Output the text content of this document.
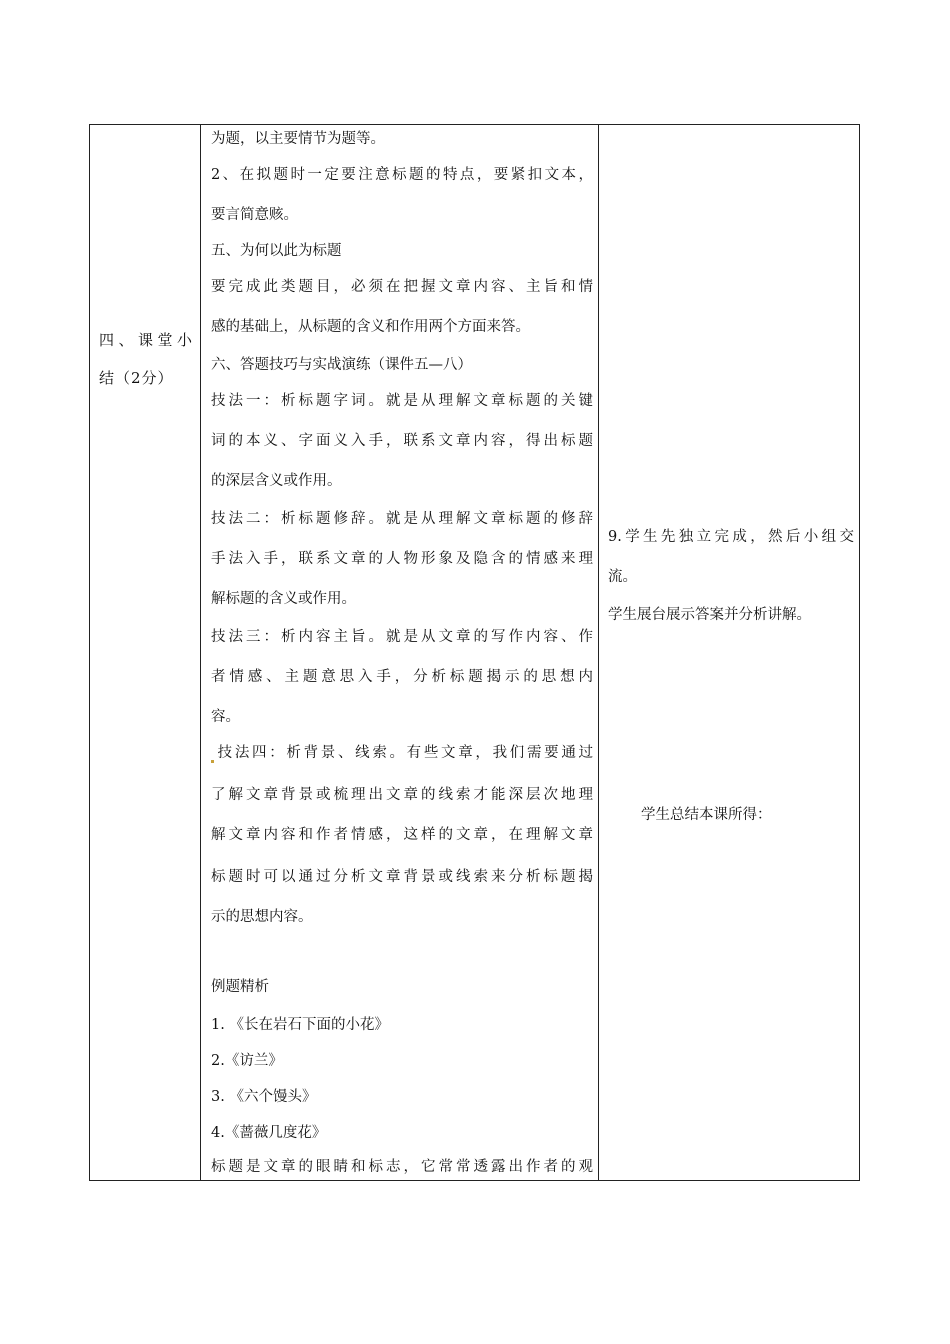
四、课堂小
结（2分）
为题，以主要情节为题等。
2、在拟题时一定要注意标题的特点，要紧扣文本，
要言简意赅。
五、为何以此为标题
要完成此类题目，必须在把握文章内容、主旨和情
感的基础上，从标题的含义和作用两个方面来答。
六、答题技巧与实战演练（课件五—八）
技法一：析标题字词。就是从理解文章标题的关键
词的本义、字面义入手，联系文章内容，得出标题
的深层含义或作用。
技法二：析标题修辞。就是从理解文章标题的修辞
手法入手，联系文章的人物形象及隐含的情感来理
解标题的含义或作用。
技法三：析内容主旨。就是从文章的写作内容、作
者情感、主题意思入手，分析标题揭示的思想内
容。
技法四：析背景、线索。有些文章，我们需要通过
了解文章背景或梳理出文章的线索才能深层次地理
解文章内容和作者情感，这样的文章，在理解文章
标题时可以通过分析文章背景或线索来分析标题揭
示的思想内容。
例题精析
1. 《长在岩石下面的小花》
2.《访兰》
3. 《六个馒头》
4.《蔷薇几度花》
标题是文章的眼睛和标志，它常常透露出作者的观
9.学生先独立完成，然后小组交
流。
学生展台展示答案并分析讲解。
学生总结本课所得：
